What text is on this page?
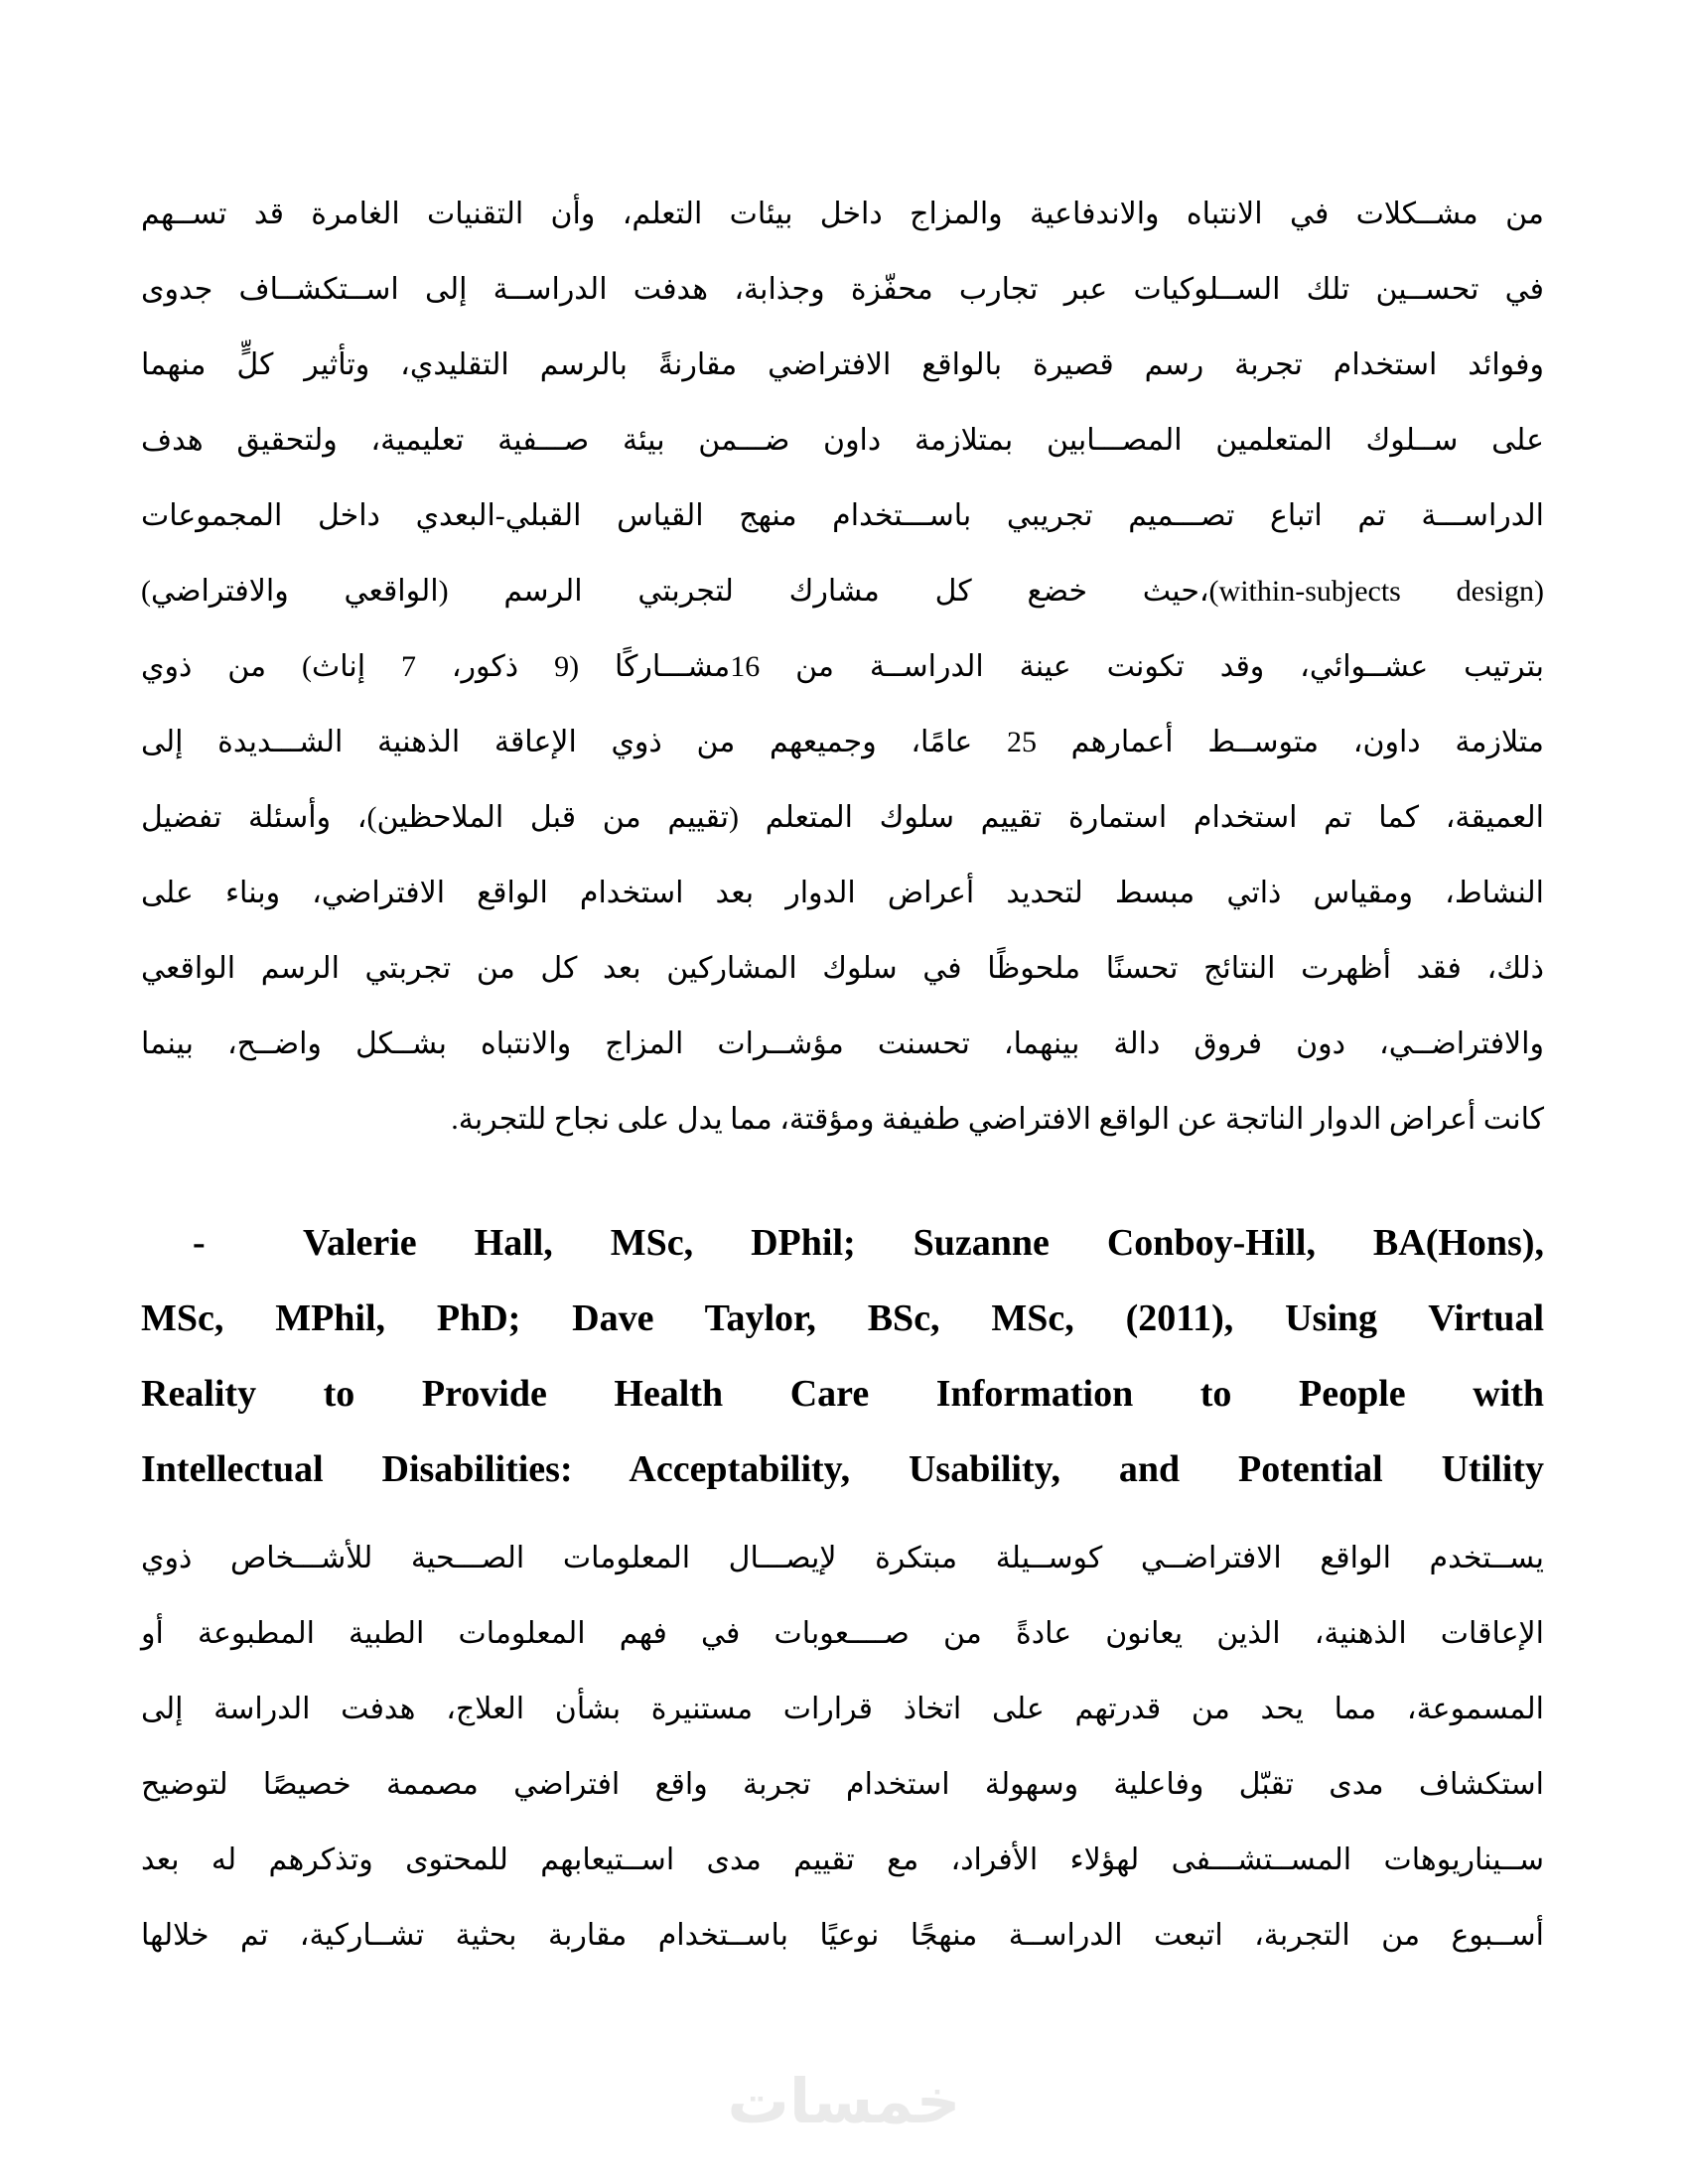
من مشــكلات في الانتباه والاندفاعية والمزاج داخل بيئات التعلم، وأن التقنيات الغامرة قد تســهم
في تحســين تلك الســلوكيات عبر تجارب محفّزة وجذابة، هدفت الدراســة إلى اســتكشــاف جدوى
وفوائد استخدام تجربة رسم قصيرة بالواقع الافتراضي مقارنةً بالرسم التقليدي، وتأثير كلٍّ منهما
على ســلوك المتعلمين المصـــابين بمتلازمة داون ضـــمن بيئة صـــفية تعليمية، ولتحقيق هدف
الدراســـة تم اتباع تصـــميم تجريبي باســـتخدام منهج القياس القبلي-البعدي داخل المجموعات
(within-subjects design)،حيث خضع كل مشارك لتجربتي الرسم (الواقعي والافتراضي)
بترتيب عشــوائي، وقد تكونت عينة الدراســة من 16مشـــاركًا (9 ذكور، 7 إناث) من ذوي
متلازمة داون، متوســط أعمارهم 25 عامًا، وجميعهم من ذوي الإعاقة الذهنية الشـــديدة إلى
العميقة، كما تم استخدام استمارة تقييم سلوك المتعلم (تقييم من قبل الملاحظين)، وأسئلة تفضيل
النشاط، ومقياس ذاتي مبسط لتحديد أعراض الدوار بعد استخدام الواقع الافتراضي، وبناء على
ذلك، فقد أظهرت النتائج تحسنًا ملحوظًا في سلوك المشاركين بعد كل من تجربتي الرسم الواقعي
والافتراضــي، دون فروق دالة بينهما، تحسنت مؤشــرات المزاج والانتباه بشــكل واضــح، بينما
كانت أعراض الدوار الناتجة عن الواقع الافتراضي طفيفة ومؤقتة، مما يدل على نجاح للتجربة.
-	Valerie Hall, MSc, DPhil; Suzanne Conboy-Hill, BA(Hons),
MSc, MPhil, PhD; Dave Taylor, BSc, MSc, (2011), Using Virtual
Reality to Provide Health Care Information to People with
Intellectual Disabilities: Acceptability, Usability, and Potential Utility
يســتخدم الواقع الافتراضــي كوســيلة مبتكرة لإيصـــال المعلومات الصـــحية للأشـــخاص ذوي
الإعاقات الذهنية، الذين يعانون عادةً من صــــعوبات في فهم المعلومات الطبية المطبوعة أو
المسموعة، مما يحد من قدرتهم على اتخاذ قرارات مستنيرة بشأن العلاج، هدفت الدراسة إلى
استكشاف مدى تقبّل وفاعلية وسهولة استخدام تجربة واقع افتراضي مصممة خصيصًا لتوضيح
ســيناريوهات المســتشـــفى لهؤلاء الأفراد، مع تقييم مدى اســتيعابهم للمحتوى وتذكرهم له بعد
أســبوع من التجربة، اتبعت الدراســة منهجًا نوعيًا باســتخدام مقاربة بحثية تشــاركية، تم خلالها
خمسات
